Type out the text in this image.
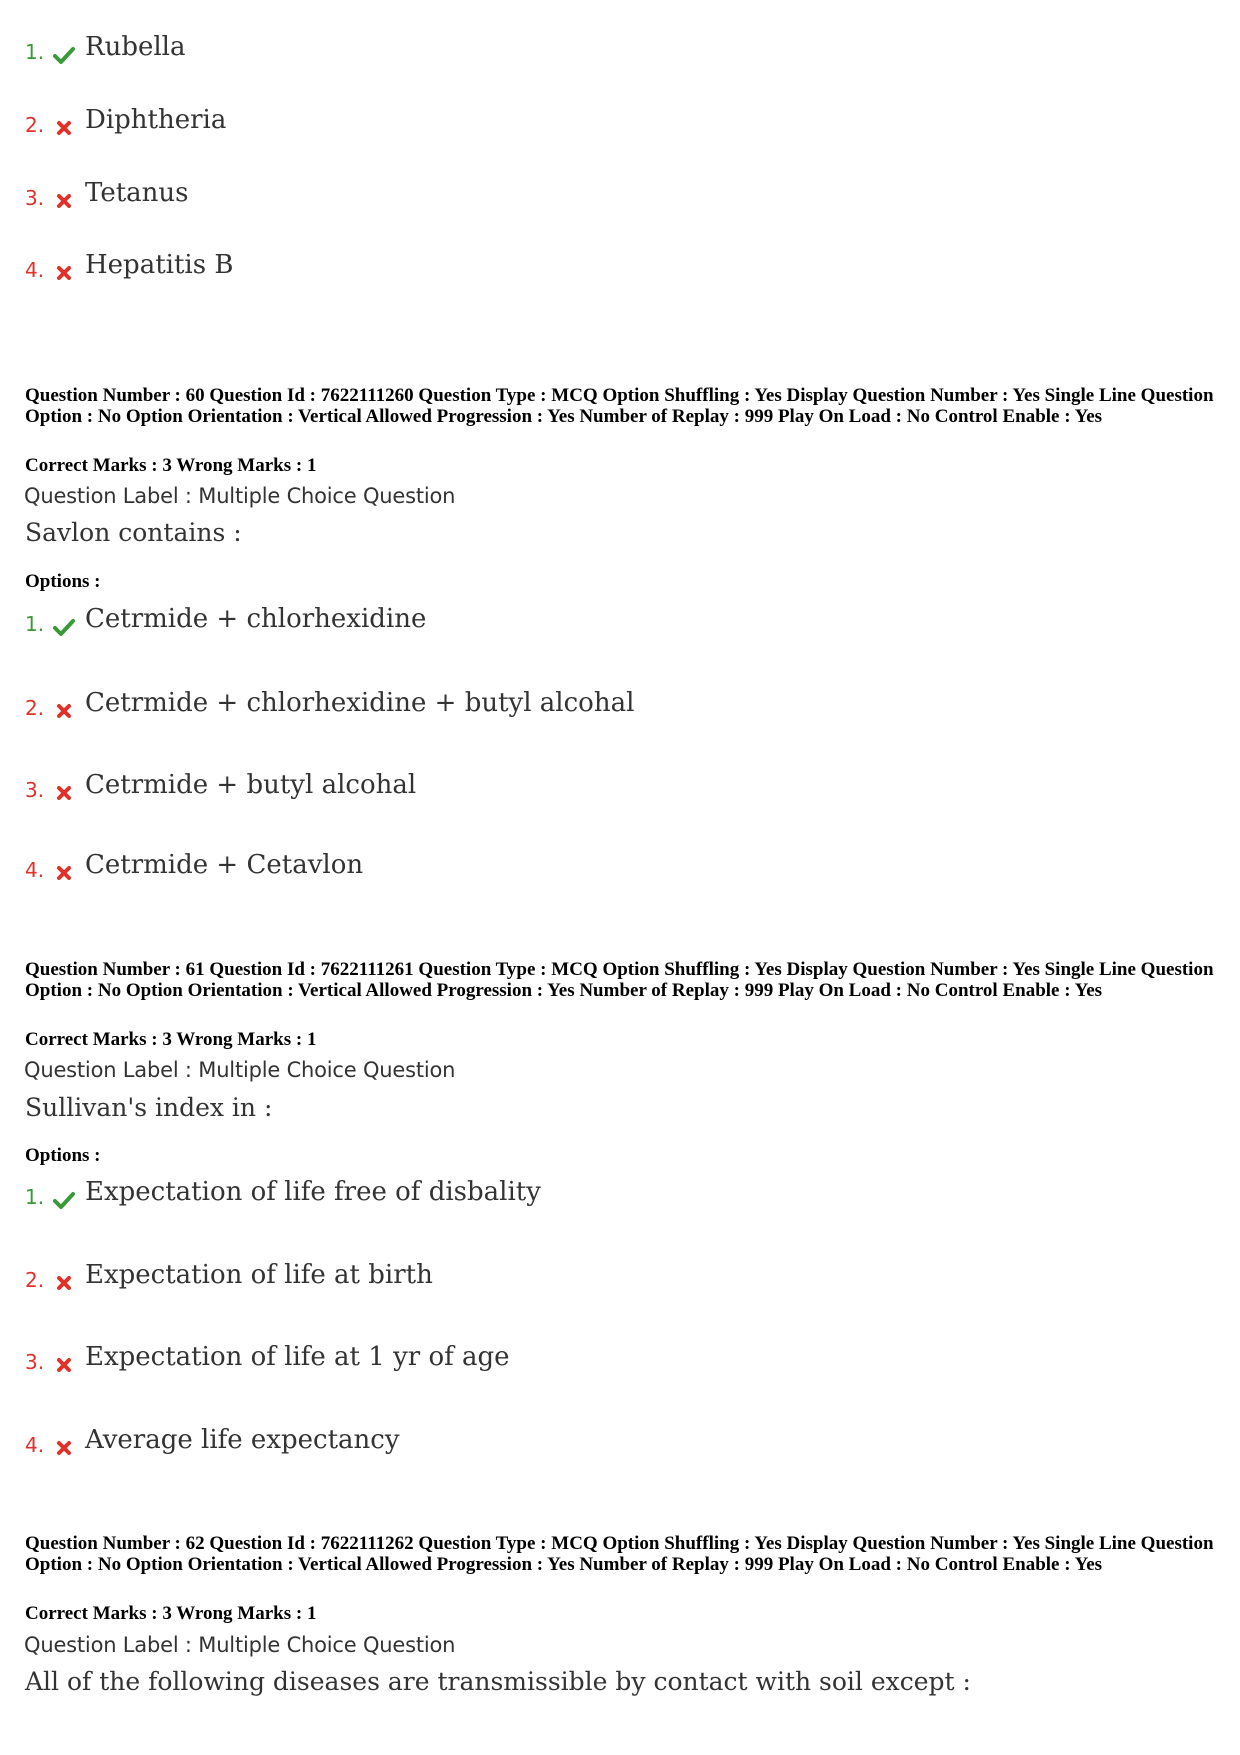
1. Rubella
2. Diphtheria
3. Tetanus
4. Hepatitis B
Question Number : 60 Question Id : 7622111260 Question Type : MCQ Option Shuffling : Yes Display Question Number : Yes Single Line Question Option : No Option Orientation : Vertical Allowed Progression : Yes Number of Replay : 999 Play On Load : No Control Enable : Yes
Correct Marks : 3 Wrong Marks : 1
Question Label : Multiple Choice Question
Savlon contains :
Options :
1. Cetrmide + chlorhexidine
2. Cetrmide + chlorhexidine + butyl alcohal
3. Cetrmide + butyl alcohal
4. Cetrmide + Cetavlon
Question Number : 61 Question Id : 7622111261 Question Type : MCQ Option Shuffling : Yes Display Question Number : Yes Single Line Question Option : No Option Orientation : Vertical Allowed Progression : Yes Number of Replay : 999 Play On Load : No Control Enable : Yes
Correct Marks : 3 Wrong Marks : 1
Question Label : Multiple Choice Question
Sullivan's index in :
Options :
1. Expectation of life free of disbality
2. Expectation of life at birth
3. Expectation of life at 1 yr of age
4. Average life expectancy
Question Number : 62 Question Id : 7622111262 Question Type : MCQ Option Shuffling : Yes Display Question Number : Yes Single Line Question Option : No Option Orientation : Vertical Allowed Progression : Yes Number of Replay : 999 Play On Load : No Control Enable : Yes
Correct Marks : 3 Wrong Marks : 1
Question Label : Multiple Choice Question
All of the following diseases are transmissible by contact with soil except :
